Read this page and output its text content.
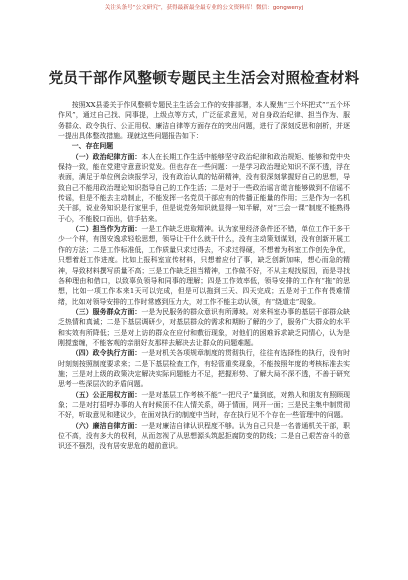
关注头条号“公文研究”，获得最新最全最专业的公文资料库！微信：gongwenyj
党员干部作风整顿专题民主生活会对照检查材料

按照XX县委关于作风整顿专题民主生活会工作的安排部署，本人聚焦“三个坏把式”“五个坏作风”，通过自己找、同事提，上级点等方式，广泛征求意见，对自身政治纪律、担当作为、服务群众、政令执行、公正用权、廉洁自律等方面存在的突出问题，进行了深刻反思和剖析，并逐一提出具体整改措施。现就这些问题报告如下：

一、存在问题

（一）政治纪律方面：本人在长期工作生活中能够坚守政治纪律和政治规矩、能够和党中央保持一致，能在党建守意意识觉发。但也存在一些问题：一是学习政治理论知识不深不透，浮在表面，满足于单位例会读报学习，没有政治认真的钻研精神，没有很深刻掌握好自己的思想，导致自己不能用政治理论知识指导自己的工作生活；二是对于一些政治谣言谎言能够做到不信谣不传谣，但是不能去主动制止，不能发挥一名党员干部应有的传播正能量的作用；三是作为一名机关干部，说业务知识是行家里手，但是说党务知识就显得一知半解，对“三会一课”制度不能熟得于心，不能脱口而出，信手拈来。

（二）担当作为方面：一是工作缺乏进取精神。认为家里经济条件还不错，单位工作干多干少一个样，有图安逸求轻松思想，领导让干什么就干什么，没有主动策划谋划，没有创新开展工作的方法；二是工作标准低，工作质量只求过得去，不求过得硬，不想着为科室工作创先争优，只想着赶工作进度。比如上报科室宣传材料，只想着应付了事，缺乏创新加味，想心而急的精神，导致材料撰写质量不高；三是工作缺乏担当精神，工作做不好，不从主观找原因，而是寻找各种理由和借口，以致辜负领导和同事的理解；四是工作效率低，领导安排的工作有“拖”的思想，比如一项工作本来1天可以完成，但是可以拖到三天、四天完成；五是对于工作有畏难情绪，比如对领导安排的工作时常感到压力大，对工作不能主动认领，有“绕道走”现象。

（三）服务群众方面：一是为民服务的群众意识有所薄坡。对来科室办事的基层干部群众缺乏热情和真诚；二是下基层调研少，对基层群众的需求和期盼了解的少了，服务广大群众的水平和实效有所降低；三是对上访的群众在应付和敷衍现象，对他们的困难诉求缺乏同情心，认为是刚搅蛮缠，不能客观的亲朋好友那样去解决去让群众的问题难题。

（四）政令执行方面：一是对机关各项规章制度的贯彻执行，往往有选择性的执行，没有时时刻刻按照制度要求来；二是下基层检查工作，有轻管重奖现象，不能按照年度的考核标准去实施；三是对上级的政策决定解决实际问题能力不足，把握形势、了解大局不深不透，不善于研究思考一些深层次的矛盾问题。

（五）公正用权方面：一是对基层工作考核不能“一把尺子”量到底，对熟人和朋友有照顾现象；二是对打招呼办事的人有时候顶不住人情关系，碍于情面，网开一面；三是民主集中制贯彻不好，听取意见和建议少，在面对执行的制度中当时，存在执行见不个存在一些管理中的问题。

（六）廉洁自律方面：一是对廉洁自律认识程度不够。认为自己只是一名普通机关干部，职位不高，没有多大的权利，从而忽视了从思想源头筑起拒腐防变的防线；二是自己艰苦奋斗的意识还不强烈，没有居安思危的超前意识。
